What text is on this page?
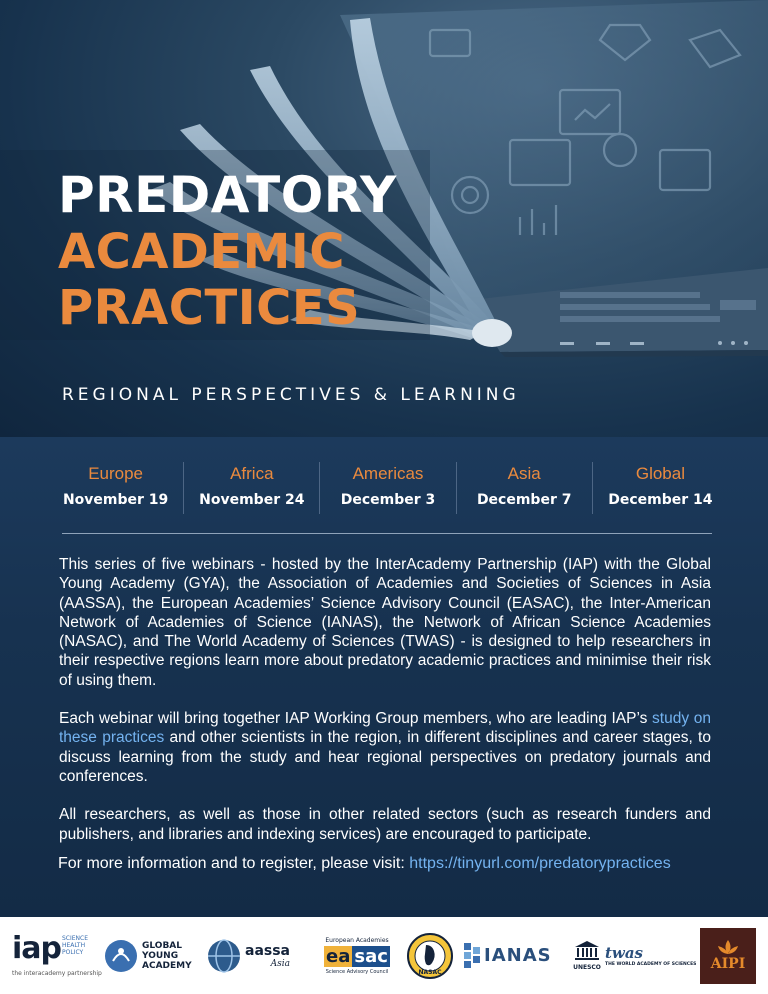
PREDATORY
ACADEMIC
PRACTICES
REGIONAL PERSPECTIVES & LEARNING
Europe
November 19
Africa
November 24
Americas
December 3
Asia
December 7
Global
December 14

This series of five webinars - hosted by the InterAcademy Partnership (IAP) with the Global Young Academy (GYA), the Association of Academies and Societies of Sciences in Asia (AASSA), the European Academies’ Science Advisory Council (EASAC), the Inter-American Network of Academies of Science (IANAS), the Network of African Science Academies (NASAC), and The World Academy of Sciences (TWAS) - is designed to help researchers in their respective regions learn more about predatory academic practices and minimise their risk of using them.

Each webinar will bring together IAP Working Group members, who are leading IAP’s study on these practices and other scientists in the region, in different disciplines and career stages, to discuss learning from the study and hear regional perspectives on predatory journals and conferences.

All researchers, as well as those in other related sectors (such as research funders and publishers, and libraries and indexing services) are encouraged to participate.

For more information and to register, please visit: https://tinyurl.com/predatorypractices
iap SCIENCE HEALTH POLICY
the interacademy partnership
GLOBAL
YOUNG
ACADEMY
aassa
Asia
European Academies
ea sac
Science Advisory Council	NASAC
IANAS
UNESCO
twas
THE WORLD ACADEMY OF SCIENCES AIPI
